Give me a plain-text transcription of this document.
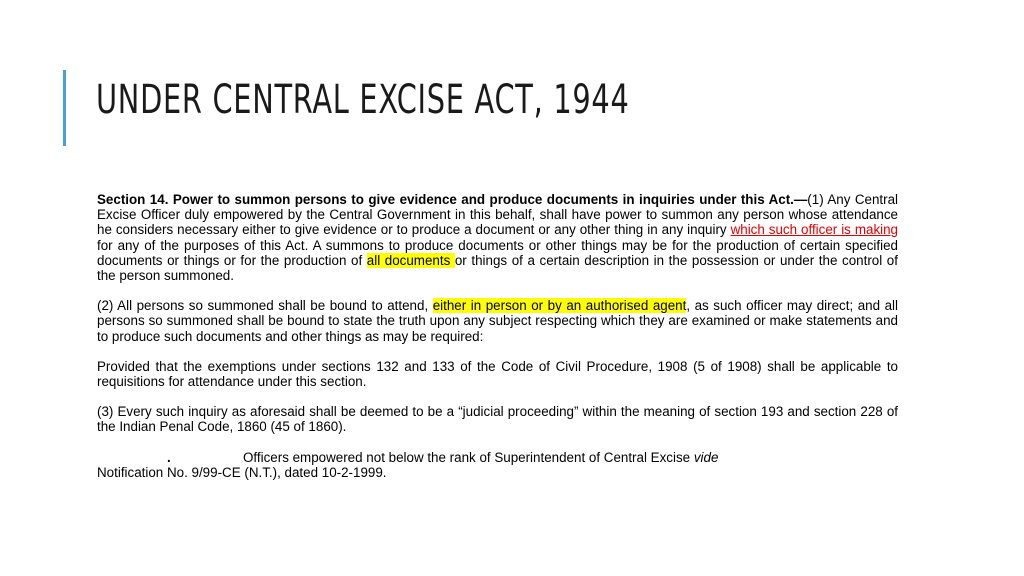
UNDER CENTRAL EXCISE ACT, 1944

Section 14. Power to summon persons to give evidence and produce documents in inquiries under this Act.—(1) Any Central Excise Officer duly empowered by the Central Government in this behalf, shall have power to summon any person whose attendance he considers necessary either to give evidence or to produce a document or any other thing in any inquiry which such officer is making for any of the purposes of this Act. A summons to produce documents or other things may be for the production of certain specified documents or things or for the production of all documents or things of a certain description in the possession or under the control of the person summoned.

(2) All persons so summoned shall be bound to attend, either in person or by an authorised agent, as such officer may direct; and all persons so summoned shall be bound to state the truth upon any subject respecting which they are examined or make statements and to produce such documents and other things as may be required:

Provided that the exemptions under sections 132 and 133 of the Code of Civil Procedure, 1908 (5 of 1908) shall be applicable to requisitions for attendance under this section.

(3) Every such inquiry as aforesaid shall be deemed to be a “judicial proceeding” within the meaning of section 193 and section 228 of the Indian Penal Code, 1860 (45 of 1860).

.	Officers empowered not below the rank of Superintendent of Central Excise vide
Notification No. 9/99-CE (N.T.), dated 10-2-1999.
